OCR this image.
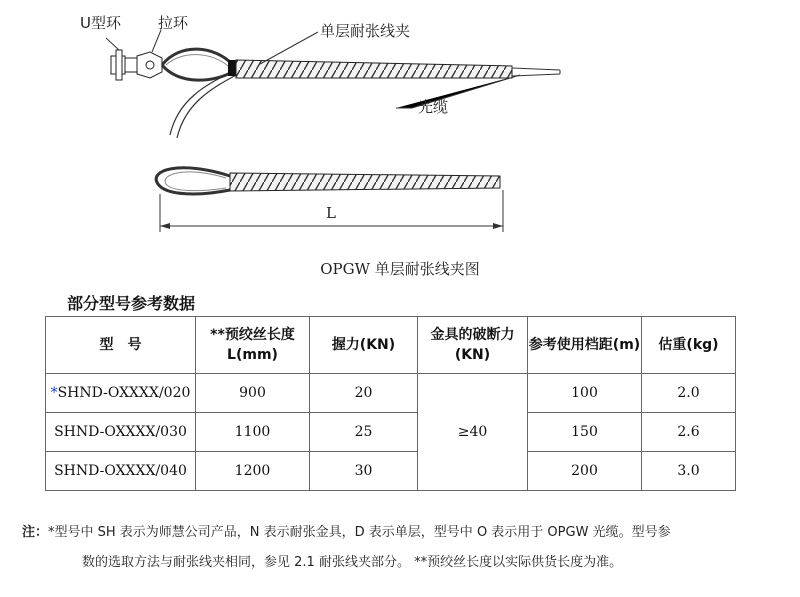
U型环 拉环	单层耐张线夹
光缆
L
OPGW 单层耐张线夹图
部分型号参考数据
型　号	**预绞丝长度 L(mm)	握力(KN)	金具的破断力(KN)	参考使用档距(m)	估重(kg)
*SHND-OXXXX/020	900	20	≥40	100	2.0
SHND-OXXXX/030	1100	25		150	2.6
SHND-OXXXX/040	1200	30		200	3.0
注：*型号中 SH 表示为师慧公司产品，N 表示耐张金具，D 表示单层，型号中 O 表示用于 OPGW 光缆。型号参
数的选取方法与耐张线夹相同，参见 2.1 耐张线夹部分。 **预绞丝长度以实际供货长度为准。
